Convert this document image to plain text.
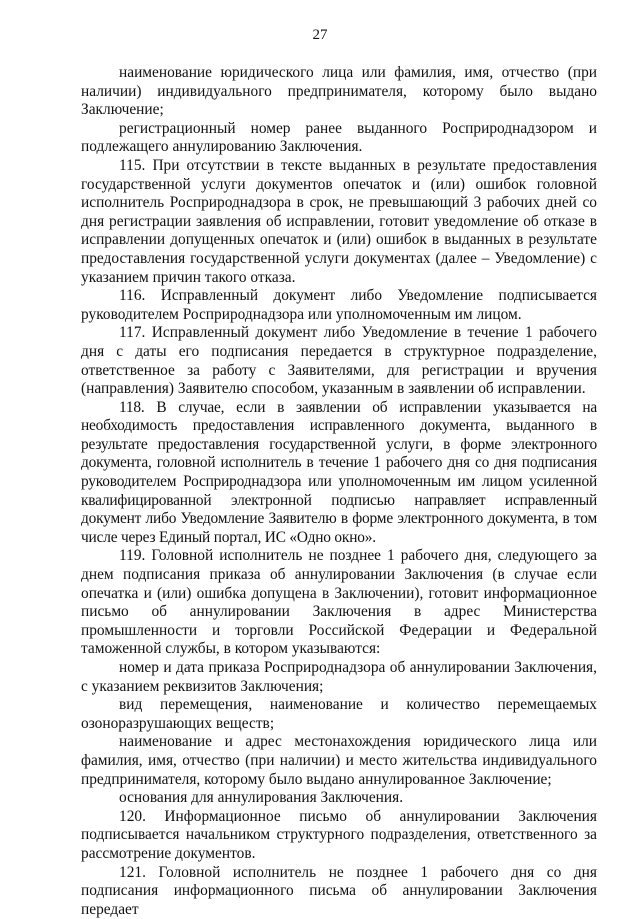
27

наименование юридического лица или фамилия, имя, отчество (при наличии) индивидуального предпринимателя, которому было выдано Заключение;

регистрационный номер ранее выданного Росприроднадзором и подлежащего аннулированию Заключения.

115. При отсутствии в тексте выданных в результате предоставления государственной услуги документов опечаток и (или) ошибок головной исполнитель Росприроднадзора в срок, не превышающий 3 рабочих дней со дня регистрации заявления об исправлении, готовит уведомление об отказе в исправлении допущенных опечаток и (или) ошибок в выданных в результате предоставления государственной услуги документах (далее – Уведомление) с указанием причин такого отказа.

116. Исправленный документ либо Уведомление подписывается руководителем Росприроднадзора или уполномоченным им лицом.

117. Исправленный документ либо Уведомление в течение 1 рабочего дня с даты его подписания передается в структурное подразделение, ответственное за работу с Заявителями, для регистрации и вручения (направления) Заявителю способом, указанным в заявлении об исправлении.

118. В случае, если в заявлении об исправлении указывается на необходимость предоставления исправленного документа, выданного в результате предоставления государственной услуги, в форме электронного документа, головной исполнитель в течение 1 рабочего дня со дня подписания руководителем Росприроднадзора или уполномоченным им лицом усиленной квалифицированной электронной подписью направляет исправленный документ либо Уведомление Заявителю в форме электронного документа, в том числе через Единый портал, ИС «Одно окно».

119. Головной исполнитель не позднее 1 рабочего дня, следующего за днем подписания приказа об аннулировании Заключения (в случае если опечатка и (или) ошибка допущена в Заключении), готовит информационное письмо об аннулировании Заключения в адрес Министерства промышленности и торговли Российской Федерации и Федеральной таможенной службы, в котором указываются:

номер и дата приказа Росприроднадзора об аннулировании Заключения, с указанием реквизитов Заключения;

вид перемещения, наименование и количество перемещаемых озоноразрушающих веществ;

наименование и адрес местонахождения юридического лица или фамилия, имя, отчество (при наличии) и место жительства индивидуального предпринимателя, которому было выдано аннулированное Заключение;

основания для аннулирования Заключения.

120. Информационное письмо об аннулировании Заключения подписывается начальником структурного подразделения, ответственного за рассмотрение документов.

121. Головной исполнитель не позднее 1 рабочего дня со дня подписания информационного письма об аннулировании Заключения передает
